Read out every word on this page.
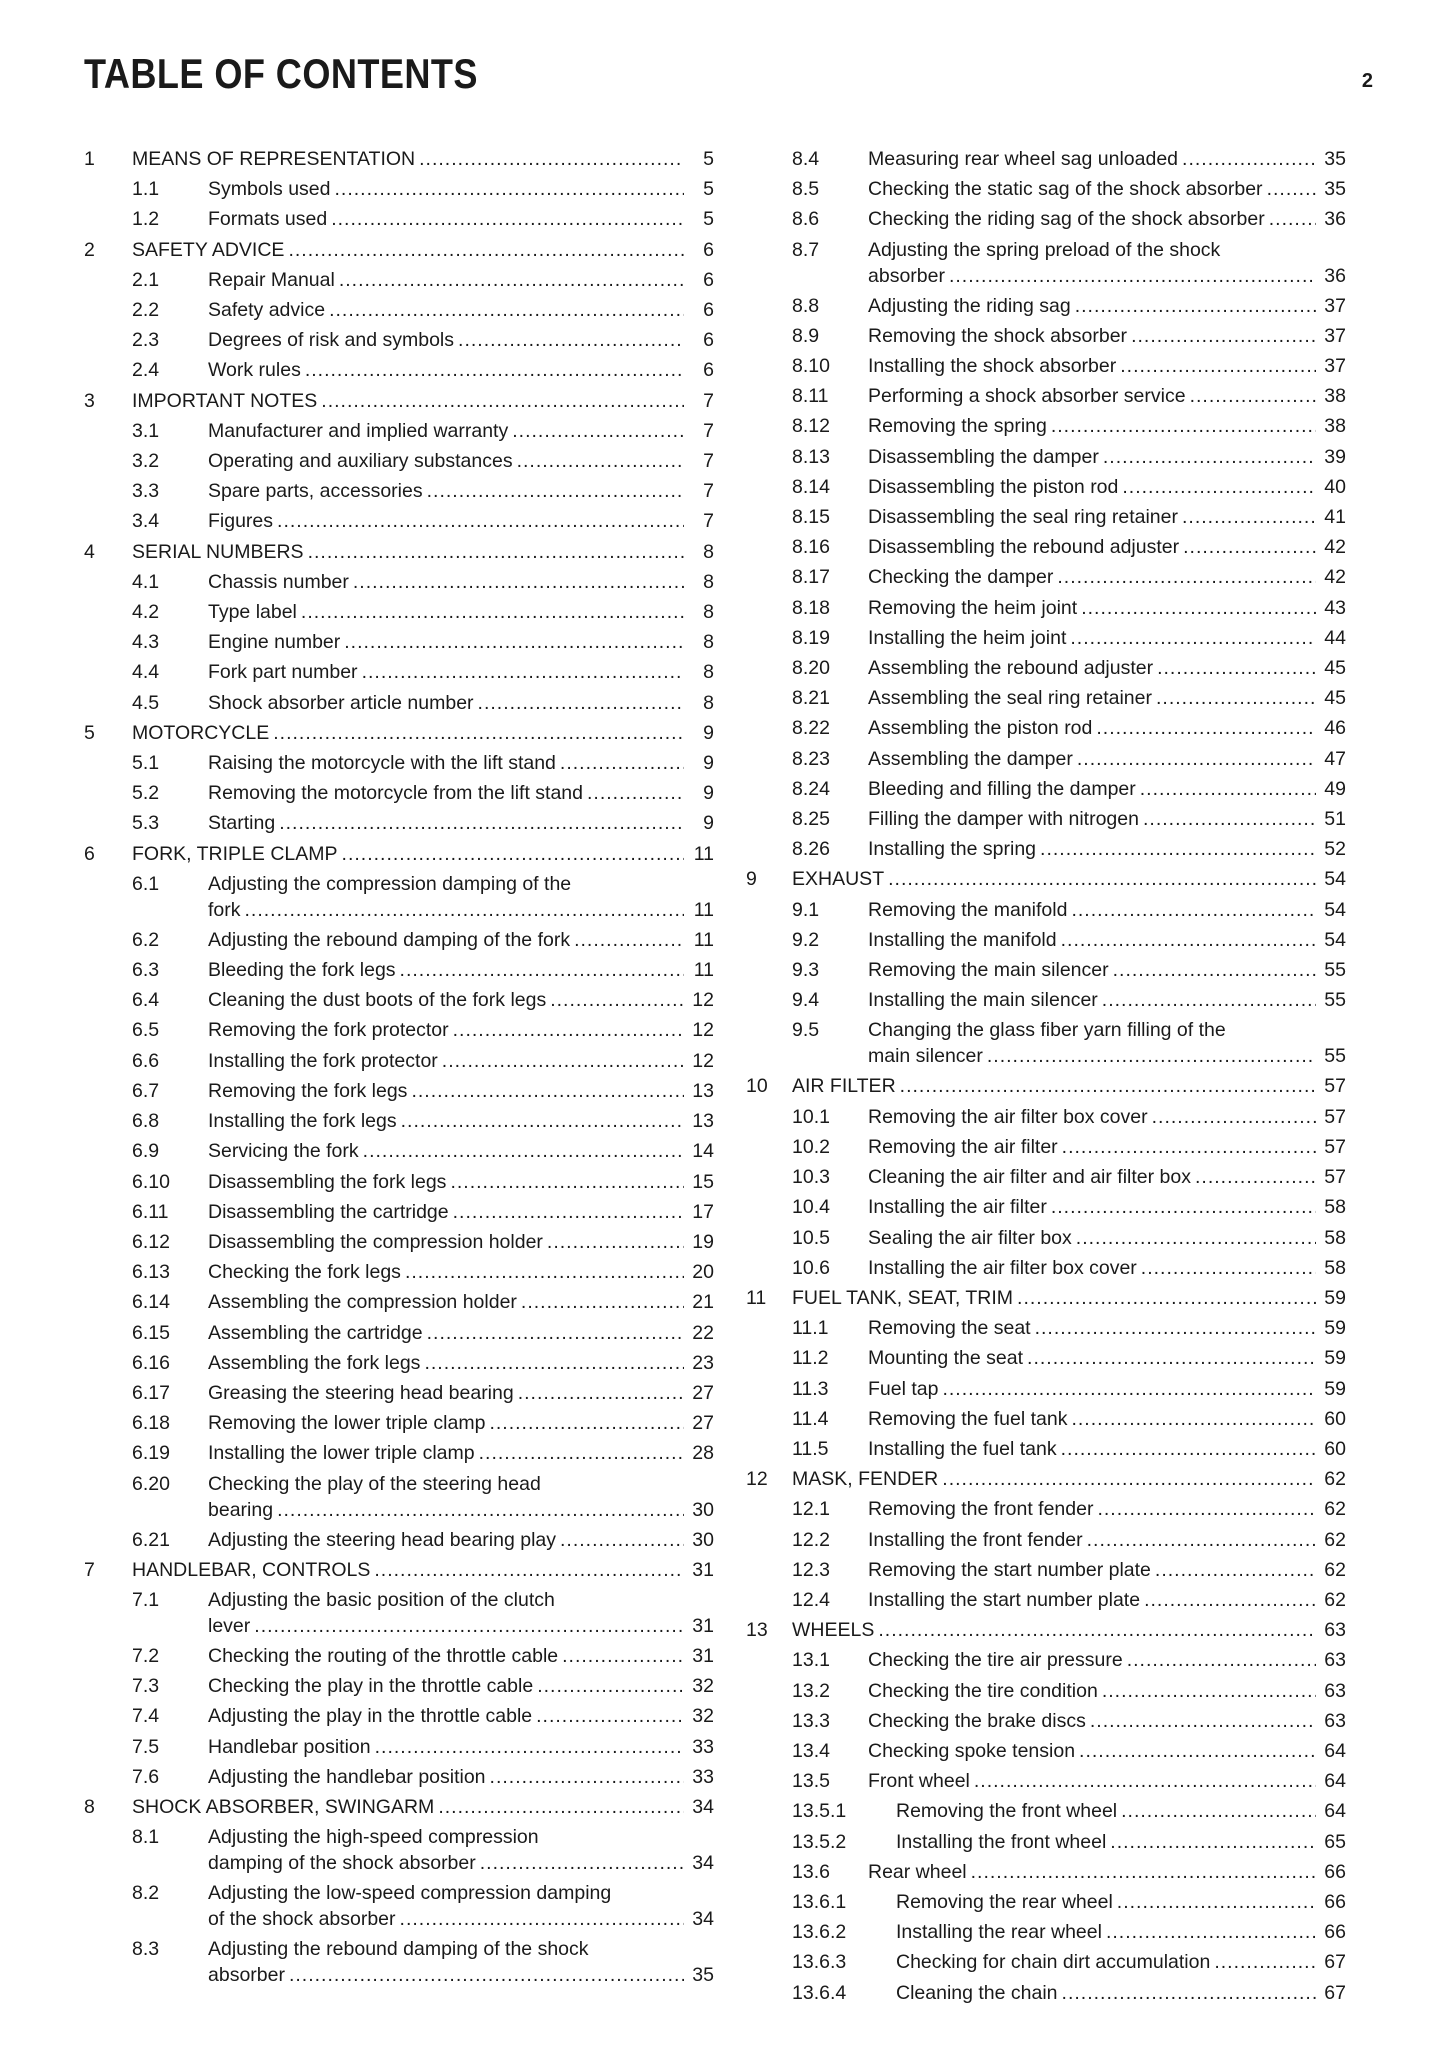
TABLE OF CONTENTS	2
1 MEANS OF REPRESENTATION .....	5
1.1	Symbols used .....	5
1.2	Formats used .....	5
2 SAFETY ADVICE .....	6
2.1	Repair Manual .....	6
2.2	Safety advice .....	6
2.3	Degrees of risk and symbols .....	6
2.4	Work rules .....	6
3 IMPORTANT NOTES .....	7
3.1	Manufacturer and implied warranty .....	7
3.2	Operating and auxiliary substances .....	7
3.3	Spare parts, accessories .....	7
3.4	Figures .....	7
4 SERIAL NUMBERS .....	8
4.1	Chassis number .....	8
4.2	Type label .....	8
4.3	Engine number .....	8
4.4	Fork part number .....	8
4.5	Shock absorber article number .....	8
5 MOTORCYCLE .....	9
5.1	Raising the motorcycle with the lift stand .....	9
5.2	Removing the motorcycle from the lift stand .....	9
5.3	Starting .....	9
6 FORK, TRIPLE CLAMP .....	11
6.1	Adjusting the compression damping of the
fork .....	11
6.2	Adjusting the rebound damping of the fork .....	11
6.3	Bleeding the fork legs .....	11
6.4	Cleaning the dust boots of the fork legs .....	12
6.5	Removing the fork protector .....	12
6.6	Installing the fork protector .....	12
6.7	Removing the fork legs .....	13
6.8	Installing the fork legs .....	13
6.9	Servicing the fork .....	14
6.10 Disassembling the fork legs .....	15
6.11 Disassembling the cartridge .....	17
6.12 Disassembling the compression holder .....	19
6.13 Checking the fork legs .....	20
6.14 Assembling the compression holder .....	21
6.15 Assembling the cartridge .....	22
6.16 Assembling the fork legs .....	23
6.17 Greasing the steering head bearing .....	27
6.18 Removing the lower triple clamp .....	27
6.19 Installing the lower triple clamp .....	28
6.20 Checking the play of the steering head
bearing .....	30
6.21 Adjusting the steering head bearing play .....	30
7 HANDLEBAR, CONTROLS .....	31
7.1	Adjusting the basic position of the clutch
lever .....	31
7.2	Checking the routing of the throttle cable .....	31
7.3	Checking the play in the throttle cable .....	32
7.4	Adjusting the play in the throttle cable .....	32
7.5	Handlebar position .....	33
7.6	Adjusting the handlebar position .....	33
8 SHOCK ABSORBER, SWINGARM .....	34
8.1	Adjusting the high-speed compression
damping of the shock absorber .....	34
8.2	Adjusting the low-speed compression damping
of the shock absorber .....	34
8.3	Adjusting the rebound damping of the shock
absorber .....	35
8.4	Measuring rear wheel sag unloaded .....	35
8.5	Checking the static sag of the shock absorber .....	35
8.6	Checking the riding sag of the shock absorber .....	36
8.7	Adjusting the spring preload of the shock
absorber .....	36
8.8	Adjusting the riding sag .....	37
8.9	Removing the shock absorber .....	37
8.10 Installing the shock absorber .....	37
8.11 Performing a shock absorber service .....	38
8.12 Removing the spring .....	38
8.13 Disassembling the damper .....	39
8.14 Disassembling the piston rod .....	40
8.15 Disassembling the seal ring retainer .....	41
8.16 Disassembling the rebound adjuster .....	42
8.17 Checking the damper .....	42
8.18 Removing the heim joint .....	43
8.19 Installing the heim joint .....	44
8.20 Assembling the rebound adjuster .....	45
8.21 Assembling the seal ring retainer .....	45
8.22 Assembling the piston rod .....	46
8.23 Assembling the damper .....	47
8.24 Bleeding and filling the damper .....	49
8.25 Filling the damper with nitrogen .....	51
8.26 Installing the spring .....	52
9 EXHAUST .....	54
9.1	Removing the manifold .....	54
9.2	Installing the manifold .....	54
9.3	Removing the main silencer .....	55
9.4	Installing the main silencer .....	55
9.5	Changing the glass fiber yarn filling of the
main silencer .....	55
10 AIR FILTER .....	57
10.1 Removing the air filter box cover .....	57
10.2 Removing the air filter .....	57
10.3 Cleaning the air filter and air filter box .....	57
10.4 Installing the air filter .....	58
10.5 Sealing the air filter box .....	58
10.6 Installing the air filter box cover .....	58
11 FUEL TANK, SEAT, TRIM .....	59
11.1 Removing the seat .....	59
11.2 Mounting the seat .....	59
11.3 Fuel tap .....	59
11.4 Removing the fuel tank .....	60
11.5 Installing the fuel tank .....	60
12 MASK, FENDER .....	62
12.1 Removing the front fender .....	62
12.2 Installing the front fender .....	62
12.3 Removing the start number plate .....	62
12.4 Installing the start number plate .....	62
13 WHEELS .....	63
13.1 Checking the tire air pressure .....	63
13.2 Checking the tire condition .....	63
13.3 Checking the brake discs .....	63
13.4 Checking spoke tension .....	64
13.5 Front wheel .....	64
13.5.1	Removing the front wheel .....	64
13.5.2	Installing the front wheel .....	65
13.6 Rear wheel .....	66
13.6.1	Removing the rear wheel .....	66
13.6.2	Installing the rear wheel .....	66
13.6.3	Checking for chain dirt accumulation .....	67
13.6.4	Cleaning the chain .....	67
